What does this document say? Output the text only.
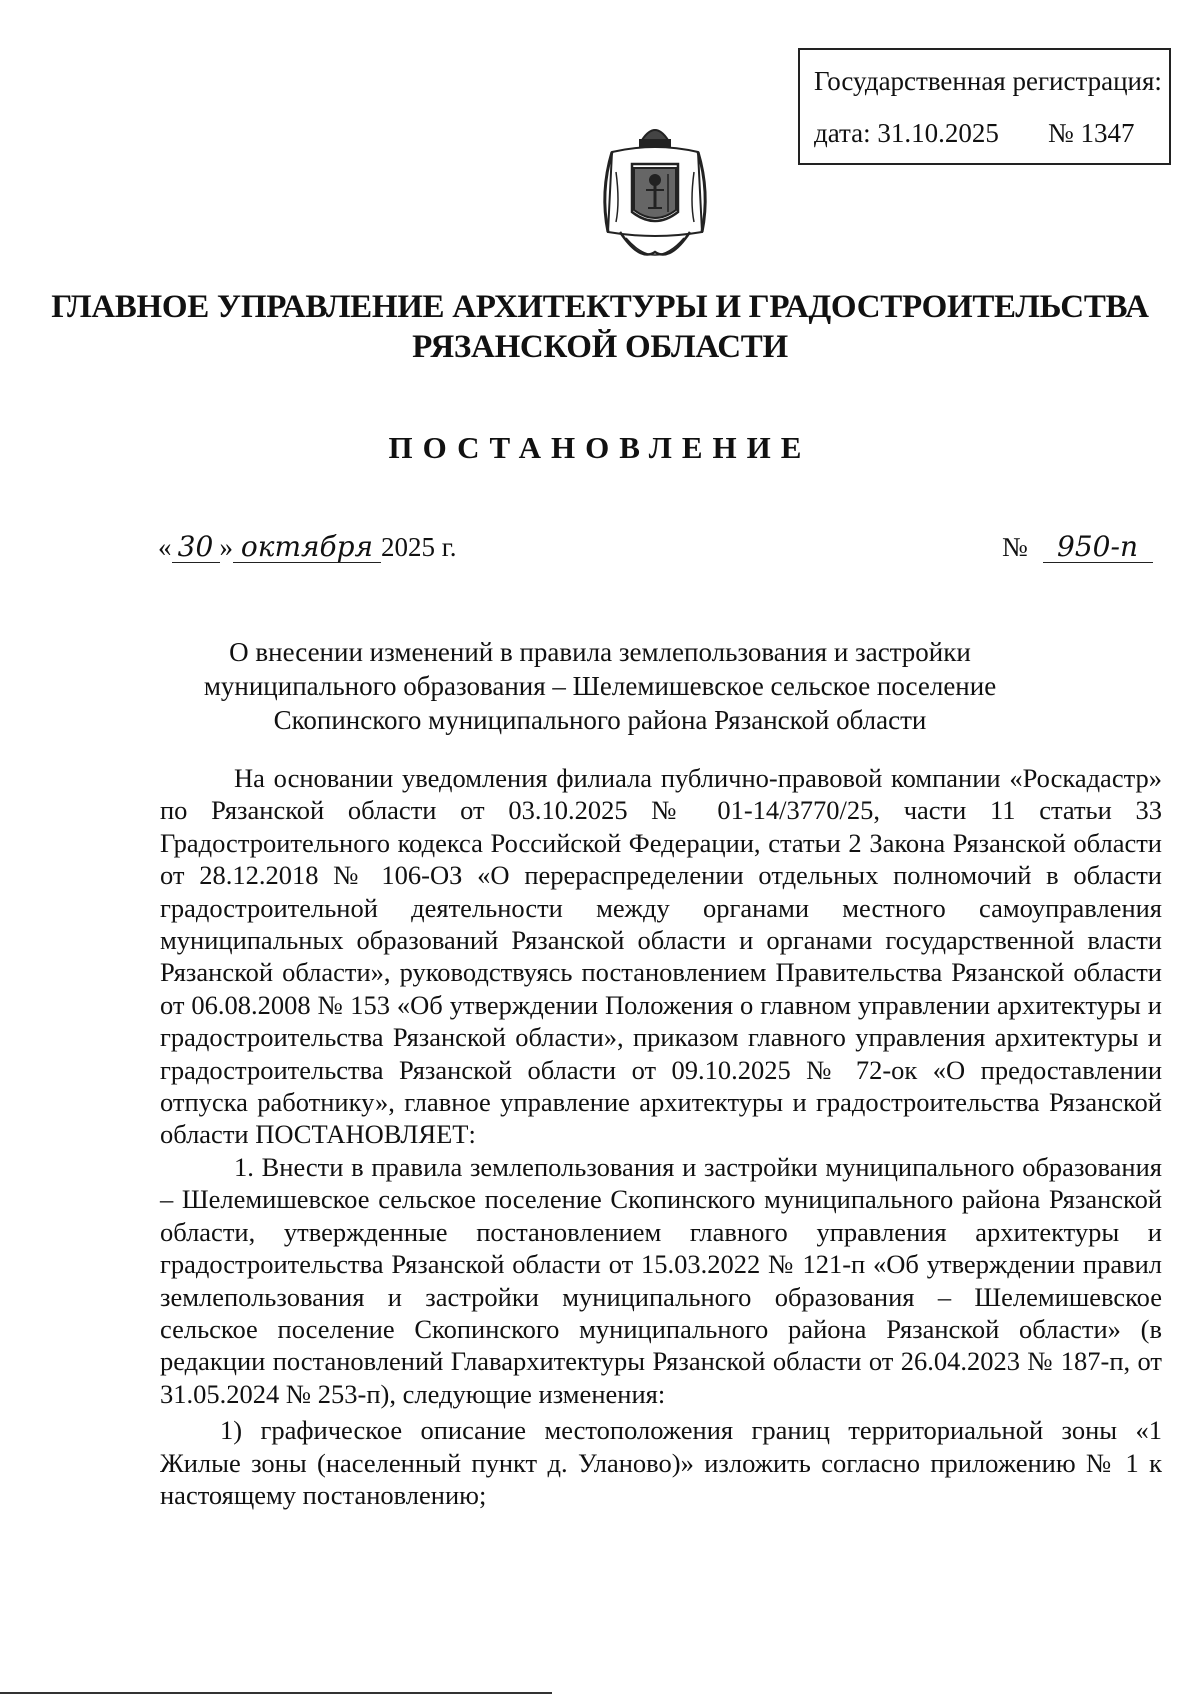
Государственная регистрация:
дата: 31.10.2025 № 1347
ГЛАВНОЕ УПРАВЛЕНИЕ АРХИТЕКТУРЫ И ГРАДОСТРОИТЕЛЬСТВА
РЯЗАНСКОЙ ОБЛАСТИ
ПОСТАНОВЛЕНИЕ
« 30 » октября 2025 г.	№ 950-п
О внесении изменений в правила землепользования и застройки
муниципального образования – Шелемишевское сельское поселение
Скопинского муниципального района Рязанской области

На основании уведомления филиала публично-правовой компании «Роскадастр» по Рязанской области от 03.10.2025 № 01-14/3770/25, части 11 статьи 33 Градостроительного кодекса Российской Федерации, статьи 2 Закона Рязанской области от 28.12.2018 № 106-ОЗ «О перераспределении отдельных полномочий в области градостроительной деятельности между органами местного самоуправления муниципальных образований Рязанской области и органами государственной власти Рязанской области», руководствуясь постановлением Правительства Рязанской области от 06.08.2008 № 153 «Об утверждении Положения о главном управлении архитектуры и градостроительства Рязанской области», приказом главного управления архитектуры и градостроительства Рязанской области от 09.10.2025 № 72-ок «О предоставлении отпуска работнику», главное управление архитектуры и градостроительства Рязанской области ПОСТАНОВЛЯЕТ:

1. Внести в правила землепользования и застройки муниципального образования – Шелемишевское сельское поселение Скопинского муниципального района Рязанской области, утвержденные постановлением главного управления архитектуры и градостроительства Рязанской области от 15.03.2022 № 121-п «Об утверждении правил землепользования и застройки муниципального образования – Шелемишевское сельское поселение Скопинского муниципального района Рязанской области» (в редакции постановлений Главархитектуры Рязанской области от 26.04.2023 № 187-п, от 31.05.2024 № 253-п), следующие изменения:

1) графическое описание местоположения границ территориальной зоны «1 Жилые зоны (населенный пункт д. Уланово)» изложить согласно приложению № 1 к настоящему постановлению;
